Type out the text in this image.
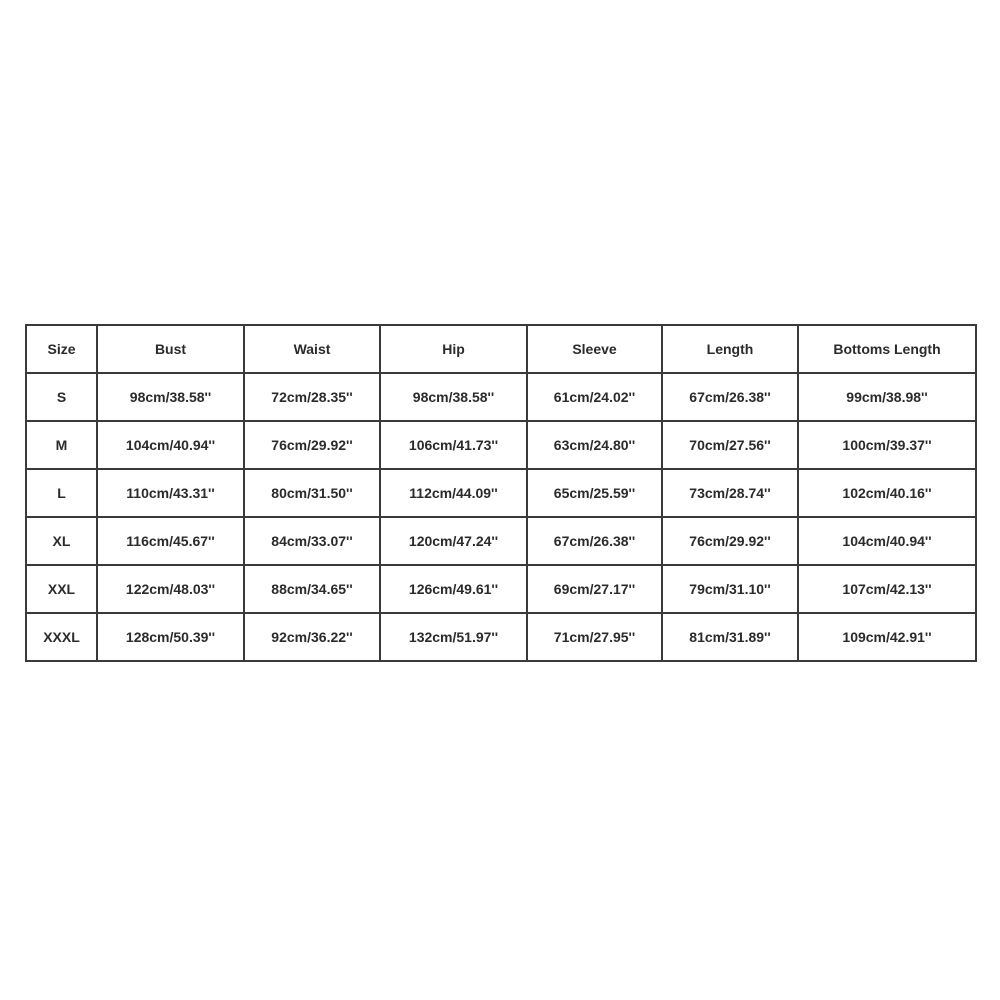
Size	Bust	Waist	Hip	Sleeve	Length	Bottoms Length
S	98cm/38.58''	72cm/28.35''	98cm/38.58''	61cm/24.02''	67cm/26.38''	99cm/38.98''
M	104cm/40.94''	76cm/29.92''	106cm/41.73''	63cm/24.80''	70cm/27.56''	100cm/39.37''
L	110cm/43.31''	80cm/31.50''	112cm/44.09''	65cm/25.59''	73cm/28.74''	102cm/40.16''
XL	116cm/45.67''	84cm/33.07''	120cm/47.24''	67cm/26.38''	76cm/29.92''	104cm/40.94''
XXL	122cm/48.03''	88cm/34.65''	126cm/49.61''	69cm/27.17''	79cm/31.10''	107cm/42.13''
XXXL	128cm/50.39''	92cm/36.22''	132cm/51.97''	71cm/27.95''	81cm/31.89''	109cm/42.91''
